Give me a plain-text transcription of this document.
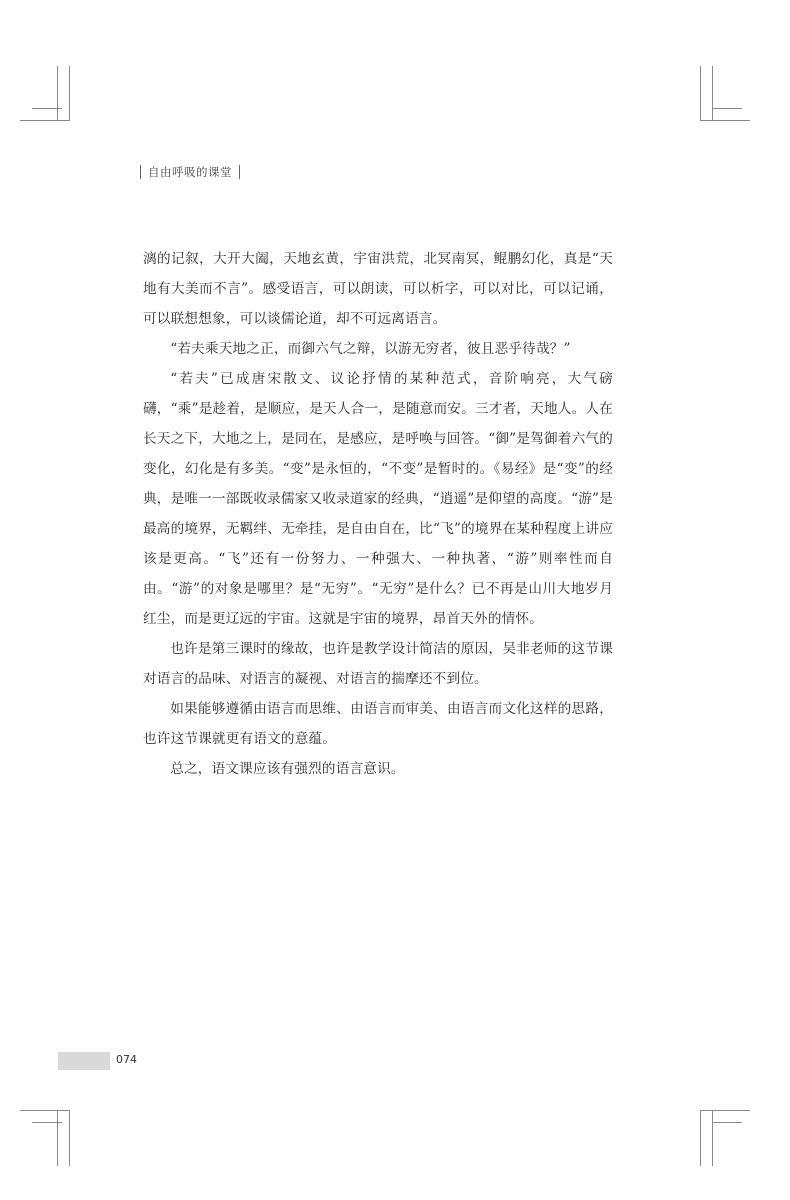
自由呼吸的课堂

漓的记叙，大开大阖，天地玄黄，宇宙洪荒，北冥南冥，鲲鹏幻化，真是“天地有大美而不言”。感受语言，可以朗读，可以析字，可以对比，可以记诵，可以联想想象，可以谈儒论道，却不可远离语言。

“若夫乘天地之正，而御六气之辩，以游无穷者，彼且恶乎待哉？”

“若夫”已成唐宋散文、议论抒情的某种范式，音阶响亮，大气磅礴，“乘”是趁着，是顺应，是天人合一，是随意而安。三才者，天地人。人在长天之下，大地之上，是同在，是感应，是呼唤与回答。“御”是驾御着六气的变化，幻化是有多美。“变”是永恒的，“不变”是暂时的。《易经》是“变”的经典，是唯一一部既收录儒家又收录道家的经典，“逍遥”是仰望的高度。“游”是最高的境界，无羁绊、无牵挂，是自由自在，比“飞”的境界在某种程度上讲应该是更高。“飞”还有一份努力、一种强大、一种执著，“游”则率性而自由。“游”的对象是哪里？是“无穷”。“无穷”是什么？已不再是山川大地岁月红尘，而是更辽远的宇宙。这就是宇宙的境界，昂首天外的情怀。

也许是第三课时的缘故，也许是教学设计简洁的原因，吴非老师的这节课对语言的品味、对语言的凝视、对语言的揣摩还不到位。

如果能够遵循由语言而思维、由语言而审美、由语言而文化这样的思路，也许这节课就更有语文的意蕴。

总之，语文课应该有强烈的语言意识。

074
